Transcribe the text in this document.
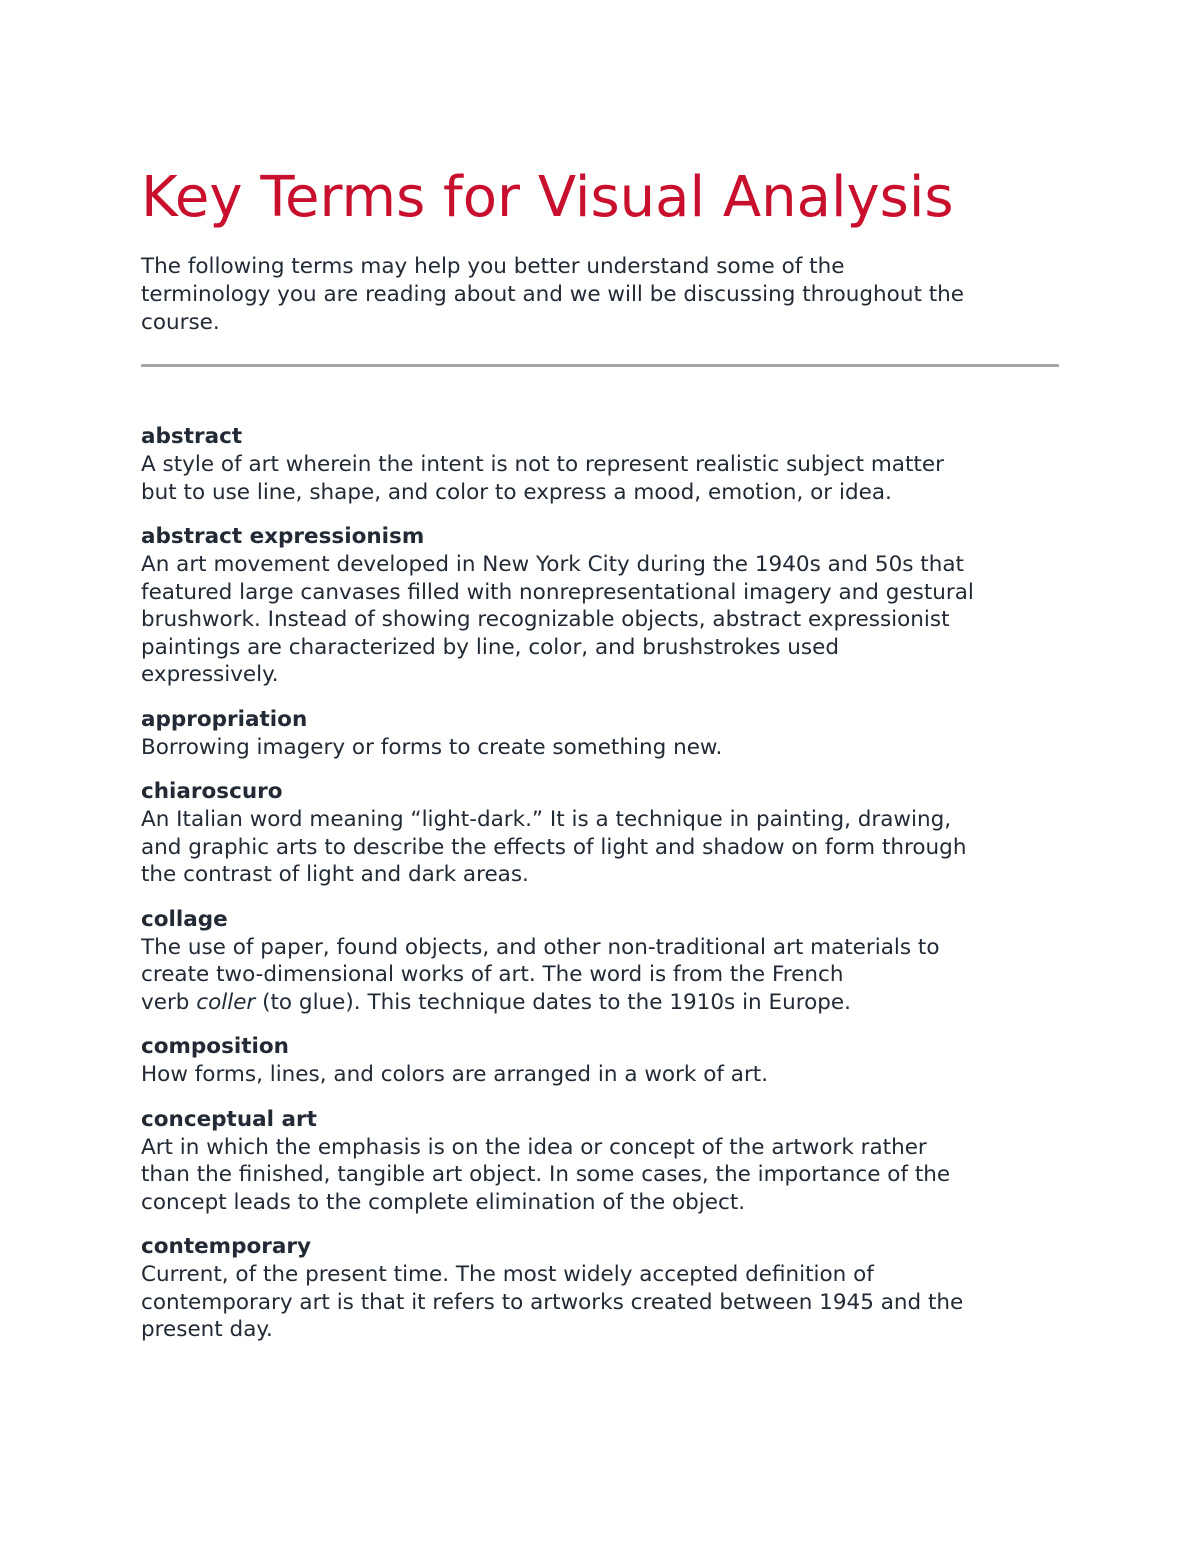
Key Terms for Visual Analysis

The following terms may help you better understand some of the
terminology you are reading about and we will be discussing throughout the
course.

abstract
A style of art wherein the intent is not to represent realistic subject matter
but to use line, shape, and color to express a mood, emotion, or idea.
abstract expressionism
An art movement developed in New York City during the 1940s and 50s that
featured large canvases filled with nonrepresentational imagery and gestural
brushwork. Instead of showing recognizable objects, abstract expressionist
paintings are characterized by line, color, and brushstrokes used
expressively.
appropriation
Borrowing imagery or forms to create something new.
chiaroscuro
An Italian word meaning “light-dark.” It is a technique in painting, drawing,
and graphic arts to describe the effects of light and shadow on form through
the contrast of light and dark areas.
collage
The use of paper, found objects, and other non-traditional art materials to
create two-dimensional works of art. The word is from the French
verb coller (to glue). This technique dates to the 1910s in Europe.
composition
How forms, lines, and colors are arranged in a work of art.
conceptual art
Art in which the emphasis is on the idea or concept of the artwork rather
than the finished, tangible art object. In some cases, the importance of the
concept leads to the complete elimination of the object.
contemporary
Current, of the present time. The most widely accepted definition of
contemporary art is that it refers to artworks created between 1945 and the
present day.
